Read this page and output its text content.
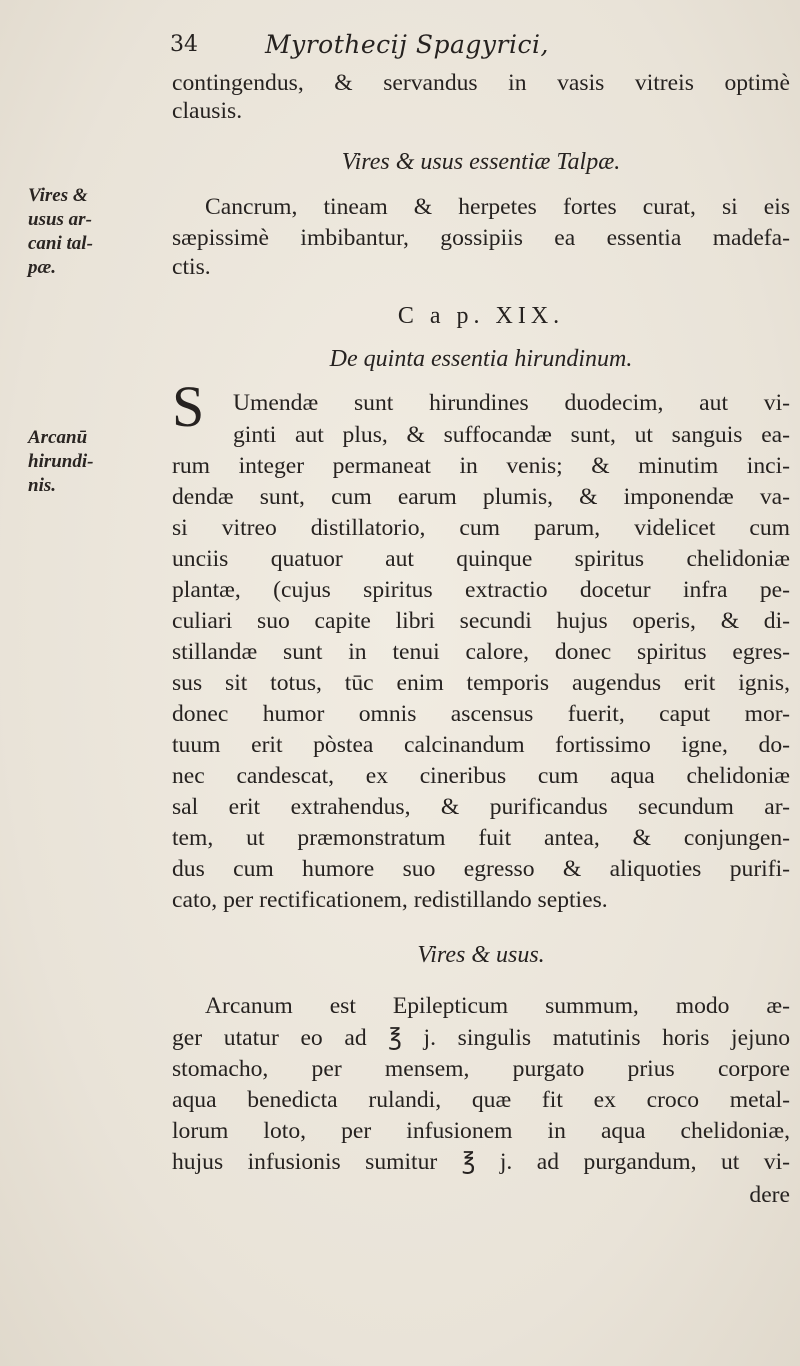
34	Myrothecij Spagyrici,
Vires &
usus ar-
cani tal-
pæ.
Arcanū
hirundi-
nis.
contingendus, & servandus in vasis vitreis optimè
clausis.
Vires & usus essentiæ Talpæ.
Cancrum, tineam & herpetes fortes curat, si eis
sæpissimè imbibantur, gossipiis ea essentia madefa-
ctis.
C a p. XIX.
De quinta essentia hirundinum.
S Umendæ sunt hirundines duodecim, aut vi-
ginti aut plus, & suffocandæ sunt, ut sanguis ea-
rum integer permaneat in venis; & minutim inci-
dendæ sunt, cum earum plumis, & imponendæ va-
si vitreo distillatorio, cum parum, videlicet cum
unciis quatuor aut quinque spiritus chelidoniæ
plantæ, (cujus spiritus extractio docetur infra pe-
culiari suo capite libri secundi hujus operis, & di-
stillandæ sunt in tenui calore, donec spiritus egres-
sus sit totus, tūc enim temporis augendus erit ignis,
donec humor omnis ascensus fuerit, caput mor-
tuum erit pòstea calcinandum fortissimo igne, do-
nec candescat, ex cineribus cum aqua chelidoniæ
sal erit extrahendus, & purificandus secundum ar-
tem, ut præmonstratum fuit antea, & conjungen-
dus cum humore suo egresso & aliquoties purifi-
cato, per rectificationem, redistillando septies.
Vires & usus.
Arcanum est Epilepticum summum, modo æ-
ger utatur eo ad ℥ j. singulis matutinis horis jejuno
stomacho, per mensem, purgato prius corpore
aqua benedicta rulandi, quæ fit ex croco metal-
lorum loto, per infusionem in aqua chelidoniæ,
hujus infusionis sumitur ℥ j. ad purgandum, ut vi-
dere
